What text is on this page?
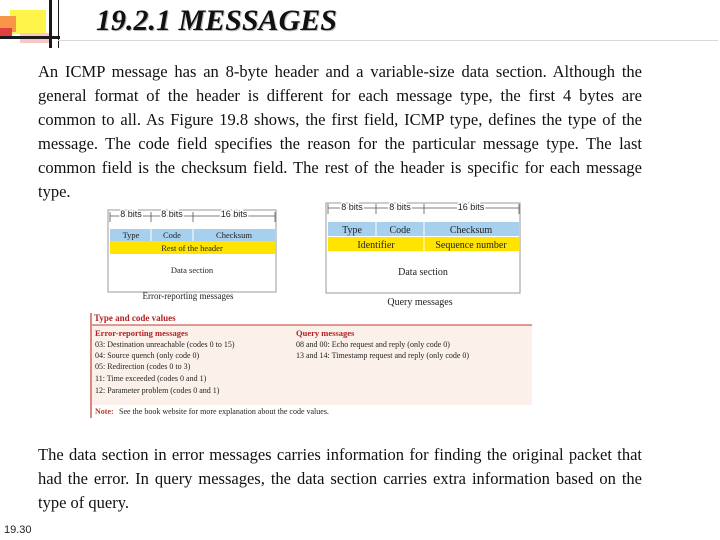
19.2.1 MESSAGES

An ICMP message has an 8-byte header and a variable-size data section. Although the general format of the header is different for each message type, the first 4 bytes are common to all. As Figure 19.8 shows, the first field, ICMP type, defines the type of the message. The code field specifies the reason for the particular message type. The last common field is the checksum field. The rest of the header is specific for each message type.

8 bits 8 bits	16 bits
Type	Code	Checksum
Rest of the header
Data section
Error-reporting messages
8 bits	8 bits	16 bits
Type	Code	Checksum
Identifier	Sequence number
Data section
Query messages
Type and code values
Error-reporting messages
03: Destination unreachable (codes 0 to 15)
04: Source quench (only code 0)
05: Redirection (codes 0 to 3)
11: Time exceeded (codes 0 and 1)
12: Parameter problem (codes 0 and 1)
Query messages
08 and 00: Echo request and reply (only code 0)
13 and 14: Timestamp request and reply (only code 0)
Note: See the book website for more explanation about the code values.

The data section in error messages carries information for finding the original packet that had the error. In query messages, the data section carries extra information based on the type of query.

19.30
